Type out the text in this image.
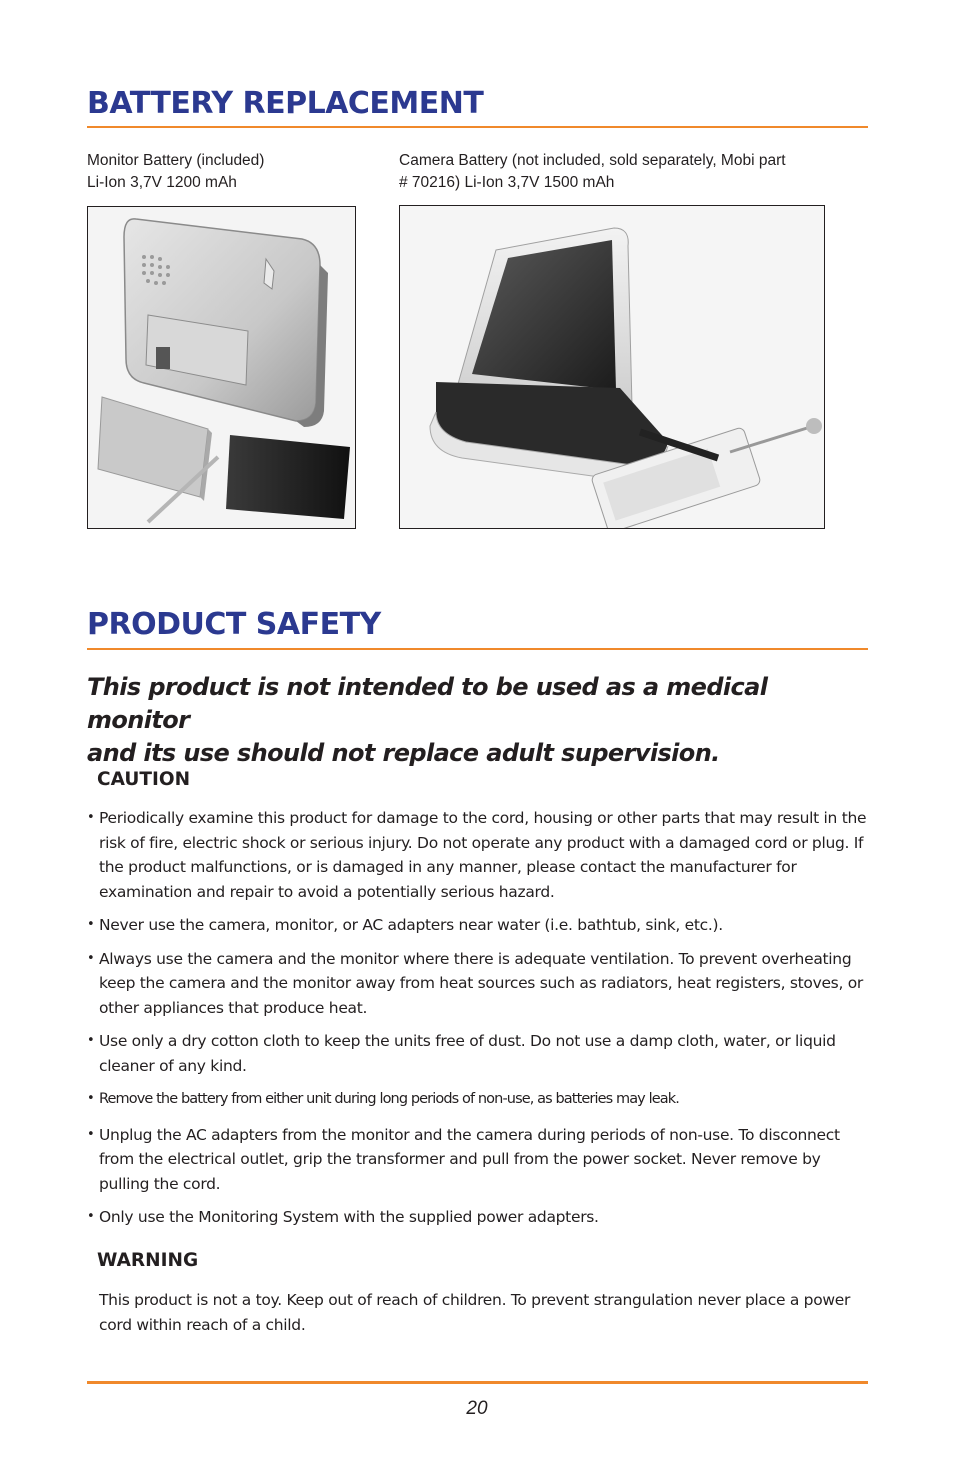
BATTERY REPLACEMENT
Monitor Battery (included)
Li-Ion 3,7V 1200 mAh
Camera Battery (not included, sold separately, Mobi part
# 70216) Li-Ion 3,7V 1500 mAh
PRODUCT SAFETY
This product is not intended to be used as a medical monitor
and its use should not replace adult supervision.
CAUTION
• Periodically examine this product for damage to the cord, housing or other parts that may result in the risk of fire, electric shock or serious injury. Do not operate any product with a damaged cord or plug. If the product malfunctions, or is damaged in any manner, please contact the manufacturer for examination and repair to avoid a potentially serious hazard.
• Never use the camera, monitor, or AC adapters near water (i.e. bathtub, sink, etc.).
• Always use the camera and the monitor where there is adequate ventilation. To prevent overheating keep the camera and the monitor away from heat sources such as radiators, heat registers, stoves, or other appliances that produce heat.
• Use only a dry cotton cloth to keep the units free of dust. Do not use a damp cloth, water, or liquid cleaner of any kind.
• Remove the battery from either unit during long periods of non-use, as batteries may leak.
• Unplug the AC adapters from the monitor and the camera during periods of non-use. To disconnect from the electrical outlet, grip the transformer and pull from the power socket. Never remove by pulling the cord.
• Only use the Monitoring System with the supplied power adapters.
WARNING

This product is not a toy. Keep out of reach of children. To prevent strangulation never place a power cord within reach of a child.

20
